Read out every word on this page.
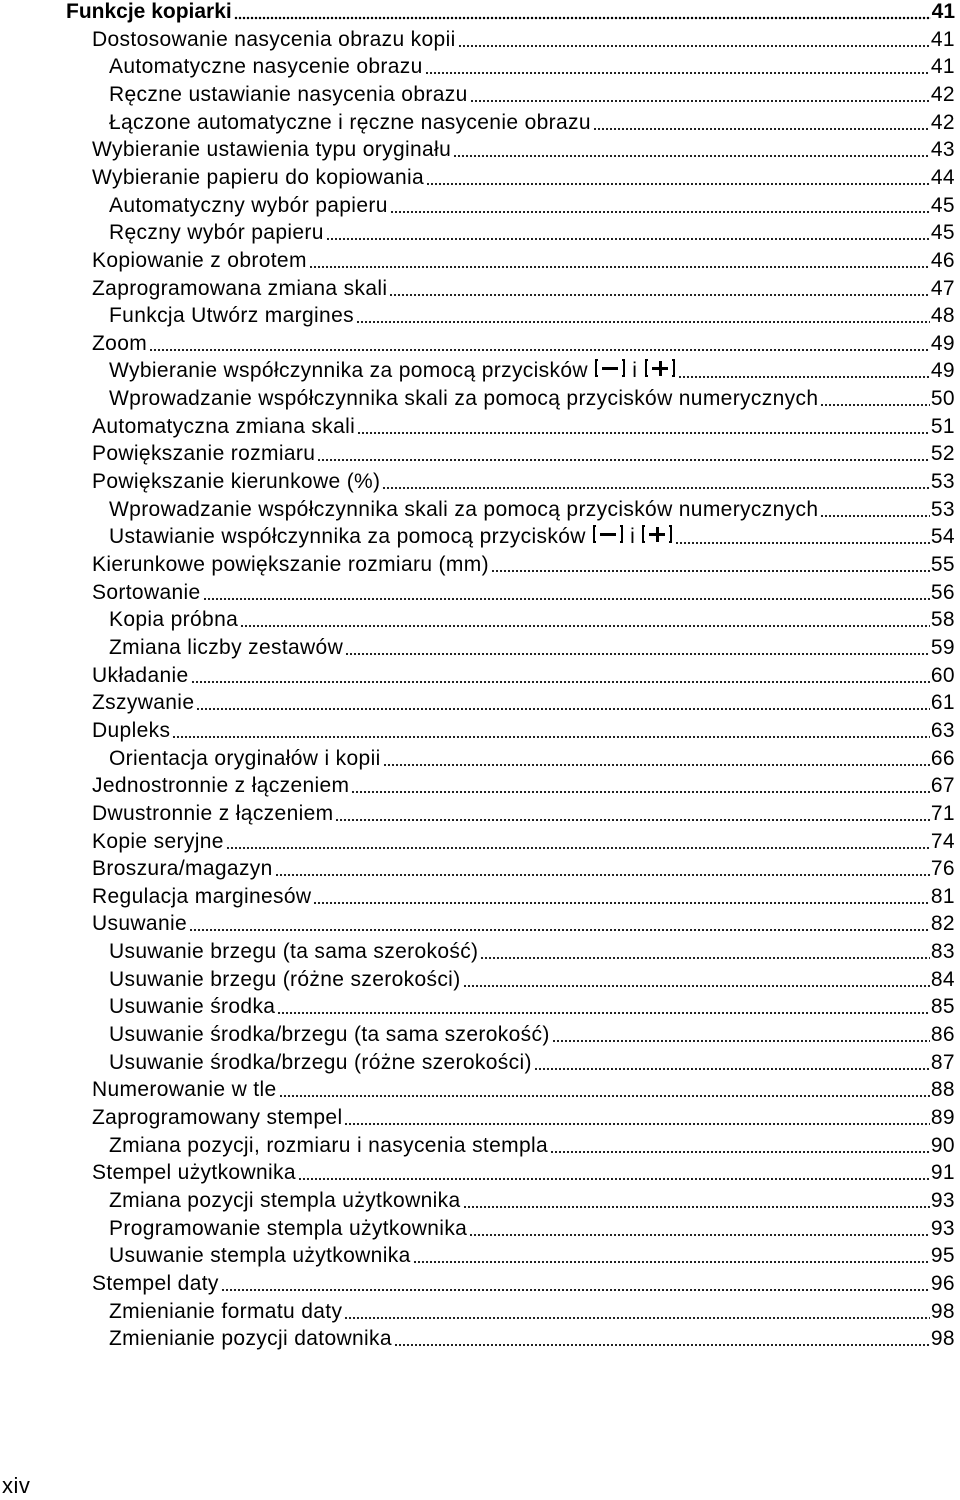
Funkcje kopiarki	41
Dostosowanie nasycenia obrazu kopii	41
Automatyczne nasycenie obrazu	41
Ręczne ustawianie nasycenia obrazu	42
Łączone automatyczne i ręczne nasycenie obrazu	42
Wybieranie ustawienia typu oryginału	43
Wybieranie papieru do kopiowania	44
Automatyczny wybór papieru	45
Ręczny wybór papieru	45
Kopiowanie z obrotem	46
Zaprogramowana zmiana skali	47
Funkcja Utwórz margines	48
Zoom	49
Wybieranie współczynnika za pomocą przycisków i	49
Wprowadzanie współczynnika skali za pomocą przycisków numerycznych	50
Automatyczna zmiana skali	51
Powiększanie rozmiaru	52
Powiększanie kierunkowe (%)	53
Wprowadzanie współczynnika skali za pomocą przycisków numerycznych	53
Ustawianie współczynnika za pomocą przycisków i	54
Kierunkowe powiększanie rozmiaru (mm)	55
Sortowanie	56
Kopia próbna	58
Zmiana liczby zestawów	59
Układanie	60
Zszywanie	61
Dupleks	63
Orientacja oryginałów i kopii	66
Jednostronnie z łączeniem	67
Dwustronnie z łączeniem	71
Kopie seryjne	74
Broszura/magazyn	76
Regulacja marginesów	81
Usuwanie	82
Usuwanie brzegu (ta sama szerokość)	83
Usuwanie brzegu (różne szerokości)	84
Usuwanie środka	85
Usuwanie środka/brzegu (ta sama szerokość)	86
Usuwanie środka/brzegu (różne szerokości)	87
Numerowanie w tle	88
Zaprogramowany stempel	89
Zmiana pozycji, rozmiaru i nasycenia stempla	90
Stempel użytkownika	91
Zmiana pozycji stempla użytkownika	93
Programowanie stempla użytkownika	93
Usuwanie stempla użytkownika	95
Stempel daty	96
Zmienianie formatu daty	98
Zmienianie pozycji datownika	98
xiv
